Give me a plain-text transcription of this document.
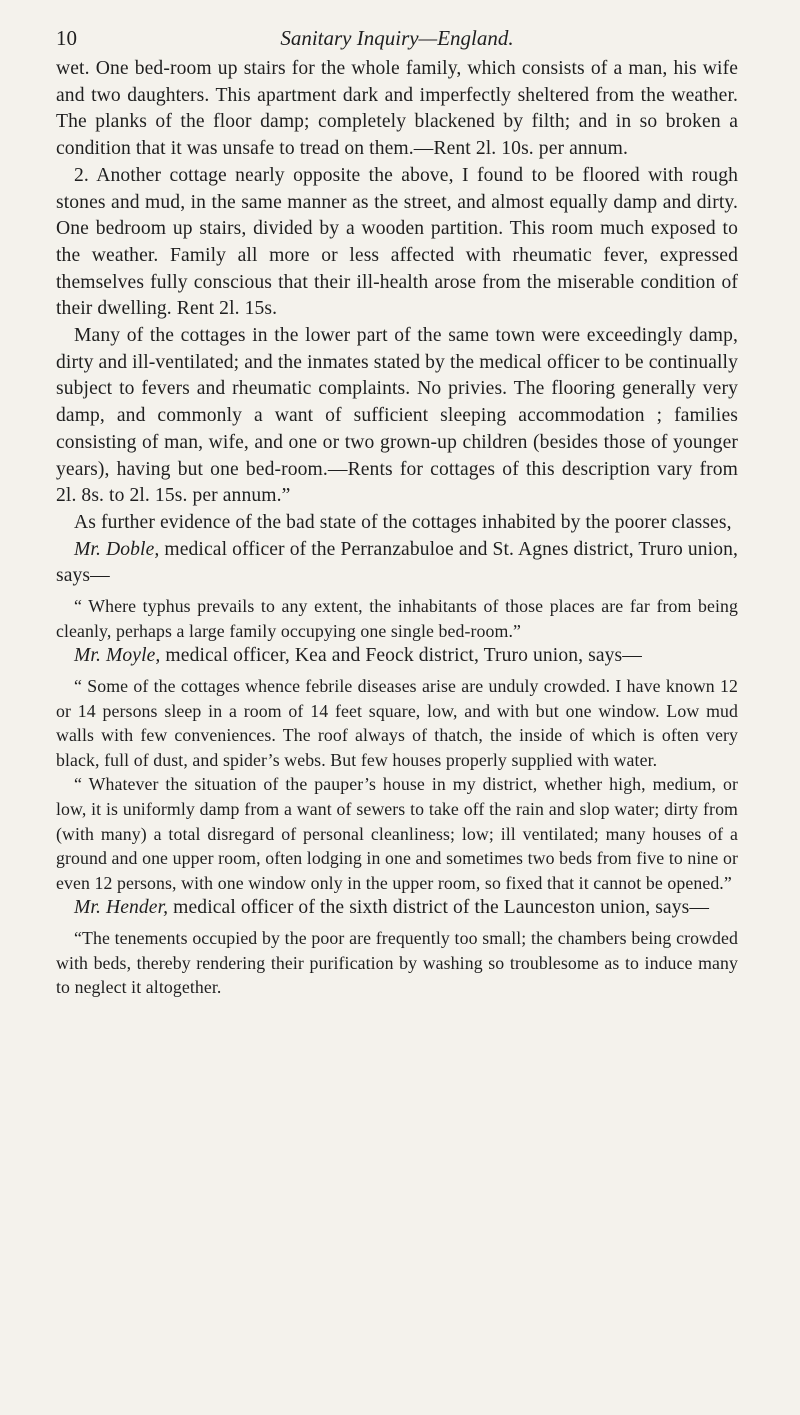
10	Sanitary Inquiry—England.

wet. One bed-room up stairs for the whole family, which consists of a man, his wife and two daughters. This apartment dark and imperfectly sheltered from the weather. The planks of the floor damp; completely blackened by filth; and in so broken a condition that it was unsafe to tread on them.—Rent 2l. 10s. per annum.

2. Another cottage nearly opposite the above, I found to be floored with rough stones and mud, in the same manner as the street, and almost equally damp and dirty. One bedroom up stairs, divided by a wooden partition. This room much exposed to the weather. Family all more or less affected with rheumatic fever, expressed themselves fully conscious that their ill-health arose from the miserable condition of their dwelling. Rent 2l. 15s.

Many of the cottages in the lower part of the same town were exceedingly damp, dirty and ill-ventilated; and the inmates stated by the medical officer to be continually subject to fevers and rheumatic complaints. No privies. The flooring generally very damp, and commonly a want of sufficient sleeping accommodation ; families consisting of man, wife, and one or two grown-up children (besides those of younger years), having but one bed-room.—Rents for cottages of this description vary from 2l. 8s. to 2l. 15s. per annum.”

As further evidence of the bad state of the cottages inhabited by the poorer classes,

Mr. Doble, medical officer of the Perranzabuloe and St. Agnes district, Truro union, says—

“ Where typhus prevails to any extent, the inhabitants of those places are far from being cleanly, perhaps a large family occupying one single bed-room.”

Mr. Moyle, medical officer, Kea and Feock district, Truro union, says—

“ Some of the cottages whence febrile diseases arise are unduly crowded. I have known 12 or 14 persons sleep in a room of 14 feet square, low, and with but one window. Low mud walls with few conveniences. The roof always of thatch, the inside of which is often very black, full of dust, and spider’s webs. But few houses properly supplied with water.

“ Whatever the situation of the pauper’s house in my district, whether high, medium, or low, it is uniformly damp from a want of sewers to take off the rain and slop water; dirty from (with many) a total disregard of personal cleanliness; low; ill ventilated; many houses of a ground and one upper room, often lodging in one and sometimes two beds from five to nine or even 12 persons, with one window only in the upper room, so fixed that it cannot be opened.”

Mr. Hender, medical officer of the sixth district of the Launceston union, says—

“The tenements occupied by the poor are frequently too small; the chambers being crowded with beds, thereby rendering their purification by washing so troublesome as to induce many to neglect it altogether.
